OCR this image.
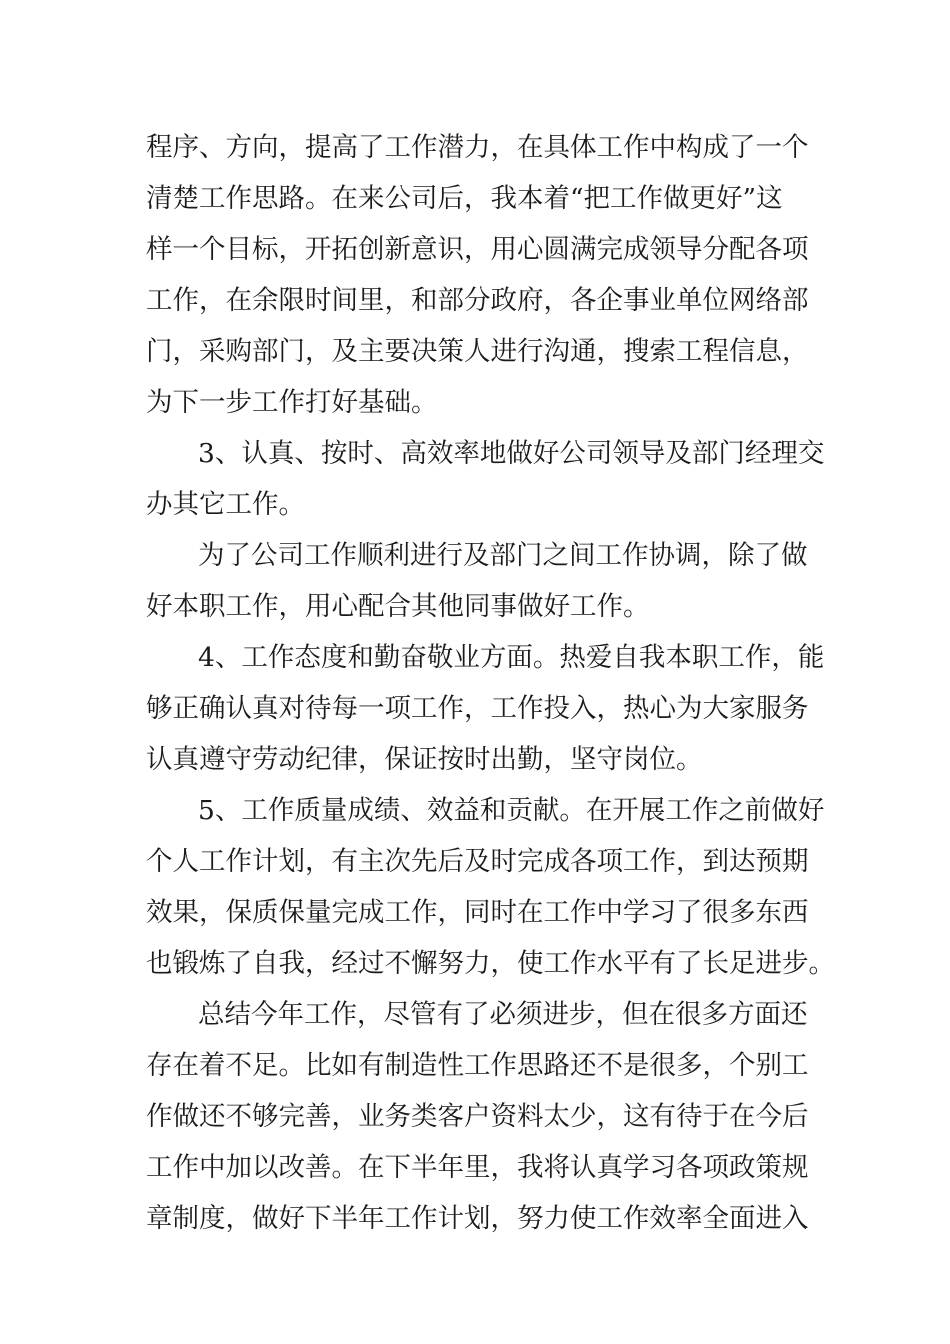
程序、方向，提高了工作潜力，在具体工作中构成了一个
清楚工作思路。在来公司后，我本着“把工作做更好”这
样一个目标，开拓创新意识，用心圆满完成领导分配各项
工作，在余限时间里，和部分政府，各企事业单位网络部
门，采购部门，及主要决策人进行沟通，搜索工程信息，
为下一步工作打好基础。
3、认真、按时、高效率地做好公司领导及部门经理交
办其它工作。
为了公司工作顺利进行及部门之间工作协调，除了做
好本职工作，用心配合其他同事做好工作。
4、工作态度和勤奋敬业方面。热爱自我本职工作，能
够正确认真对待每一项工作，工作投入，热心为大家服务
认真遵守劳动纪律，保证按时出勤，坚守岗位。
5、工作质量成绩、效益和贡献。在开展工作之前做好
个人工作计划，有主次先后及时完成各项工作，到达预期
效果，保质保量完成工作，同时在工作中学习了很多东西
也锻炼了自我，经过不懈努力，使工作水平有了长足进步。
总结今年工作，尽管有了必须进步，但在很多方面还
存在着不足。比如有制造性工作思路还不是很多，个别工
作做还不够完善，业务类客户资料太少，这有待于在今后
工作中加以改善。在下半年里，我将认真学习各项政策规
章制度，做好下半年工作计划，努力使工作效率全面进入
